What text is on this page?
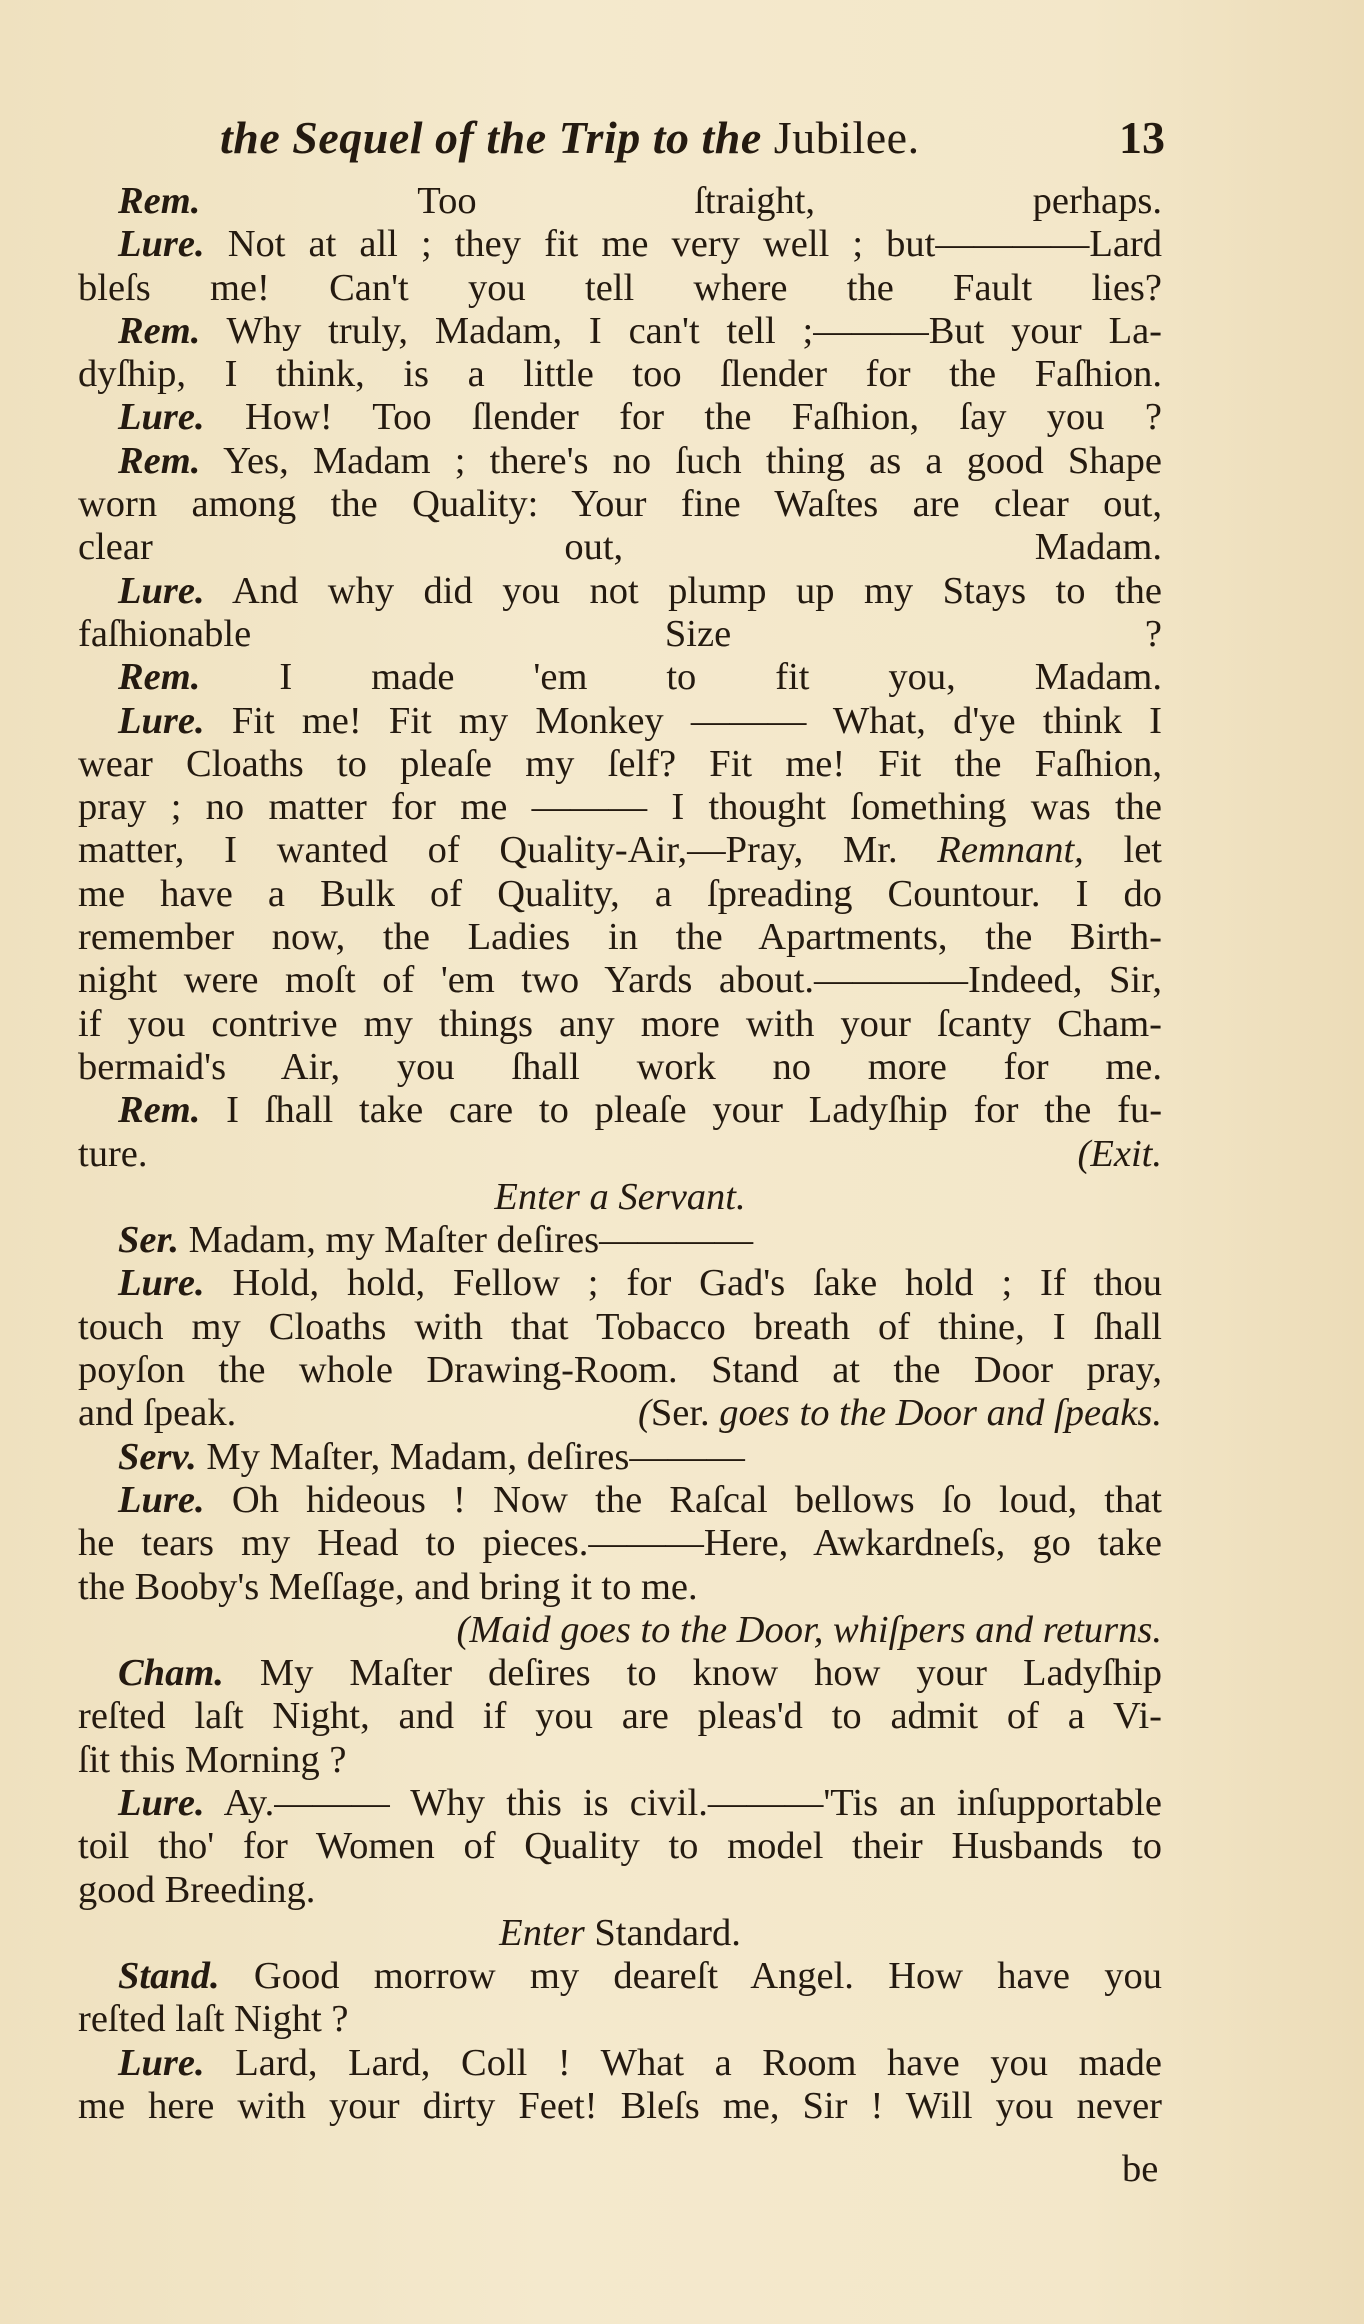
the Sequel of the Trip to the Jubilee.	13
Rem.	Too ſtraight, perhaps.
Lure. Not at all ; they fit me very well ; but————Lard
bleſs me! Can't you tell where the Fault lies?
Rem. Why truly, Madam, I can't tell ;———But your La-
dyſhip, I think, is a little too ſlender for the Faſhion.
Lure. How! Too ſlender for the Faſhion, ſay you ?
Rem. Yes, Madam ; there's no ſuch thing as a good Shape
worn among the Quality: Your fine Waſtes are clear out,
clear out, Madam.
Lure. And why did you not plump up my Stays to the
faſhionable Size ?
Rem. I made 'em to fit you, Madam.
Lure. Fit me! Fit my Monkey ——— What, d'ye think I
wear Cloaths to pleaſe my ſelf? Fit me! Fit the Faſhion,
pray ; no matter for me ——— I thought ſomething was the
matter, I wanted of Quality-Air,—Pray, Mr. Remnant, let
me have a Bulk of Quality, a ſpreading Countour. I do
remember now, the Ladies in the Apartments, the Birth-
night were moſt of 'em two Yards about.————Indeed, Sir,
if you contrive my things any more with your ſcanty Cham-
bermaid's Air, you ſhall work no more for me.
Rem. I ſhall take care to pleaſe your Ladyſhip for the fu-
ture.	(Exit.
Enter a Servant.
Ser. Madam, my Maſter deſires————
Lure. Hold, hold, Fellow ; for Gad's ſake hold ; If thou
touch my Cloaths with that Tobacco breath of thine, I ſhall
poyſon the whole Drawing-Room. Stand at the Door pray,
and ſpeak.	(Ser. goes to the Door and ſpeaks.
Serv. My Maſter, Madam, deſires———
Lure. Oh hideous ! Now the Raſcal bellows ſo loud, that
he tears my Head to pieces.———Here, Awkardneſs, go take
the Booby's Meſſage, and bring it to me.
(Maid goes to the Door, whiſpers and returns.
Cham. My Maſter deſires to know how your Ladyſhip
reſted laſt Night, and if you are pleas'd to admit of a Vi-
ſit this Morning ?
Lure. Ay.——— Why this is civil.———'Tis an inſupportable
toil tho' for Women of Quality to model their Husbands to
good Breeding.
Enter Standard.
Stand. Good morrow my deareſt Angel. How have you
reſted laſt Night ?
Lure. Lard, Lard, Coll ! What a Room have you made
me here with your dirty Feet! Bleſs me, Sir ! Will you never
be
